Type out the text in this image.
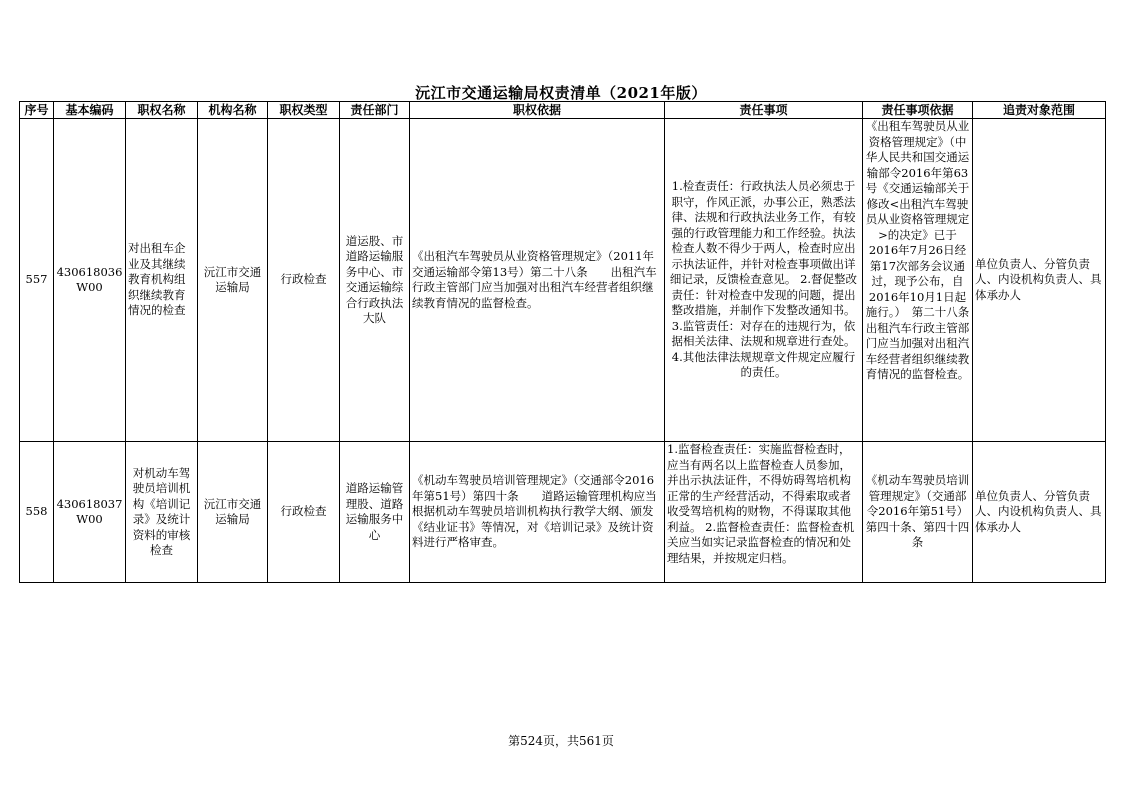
沅江市交通运输局权责清单（2021年版）
序号	基本编码	职权名称	机构名称	职权类型	责任部门	职权依据	责任事项	责任事项依据	追责对象范围
557	430618036W00	对出租车企业及其继续教育机构组织继续教育情况的检查	沅江市交通运输局	行政检查	道运股、市道路运输服务中心、市交通运输综合行政执法大队	《出租汽车驾驶员从业资格管理规定》（2011年交通运输部令第13号）第二十八条　　出租汽车行政主管部门应当加强对出租汽车经营者组织继续教育情况的监督检查。	1.检查责任：行政执法人员必须忠于职守，作风正派，办事公正，熟悉法律、法规和行政执法业务工作，有较强的行政管理能力和工作经验。执法检查人数不得少于两人，检查时应出示执法证件，并针对检查事项做出详细记录，反馈检查意见。 2.督促整改责任：针对检查中发现的问题，提出整改措施，并制作下发整改通知书。 3.监管责任：对存在的违规行为，依据相关法律、法规和规章进行查处。 4.其他法律法规规章文件规定应履行的责任。	《出租车驾驶员从业资格管理规定》（中华人民共和国交通运输部令2016年第63号《交通运输部关于修改<出租汽车驾驶员从业资格管理规定>的决定》已于2016年7月26日经第17次部务会议通过，现予公布，自2016年10月1日起施行。）　第二十八条　　出租汽车行政主管部门应当加强对出租汽车经营者组织继续教育情况的监督检查。	单位负责人、分管负责人、内设机构负责人、具体承办人
558	430618037W00	对机动车驾驶员培训机构《培训记录》及统计资料的审核检查	沅江市交通运输局	行政检查	道路运输管理股、道路运输服务中心	《机动车驾驶员培训管理规定》（交通部令2016年第51号）第四十条　　道路运输管理机构应当根据机动车驾驶员培训机构执行教学大纲、颁发《结业证书》等情况，对《培训记录》及统计资料进行严格审查。	1.监督检查责任：实施监督检查时，应当有两名以上监督检查人员参加，并出示执法证件，不得妨碍驾培机构正常的生产经营活动，不得索取或者收受驾培机构的财物，不得谋取其他利益。 2.监督检查责任：监督检查机关应当如实记录监督检查的情况和处理结果，并按规定归档。	《机动车驾驶员培训管理规定》（交通部令2016年第51号）第四十条、第四十四条	单位负责人、分管负责人、内设机构负责人、具体承办人
第524页，共561页
